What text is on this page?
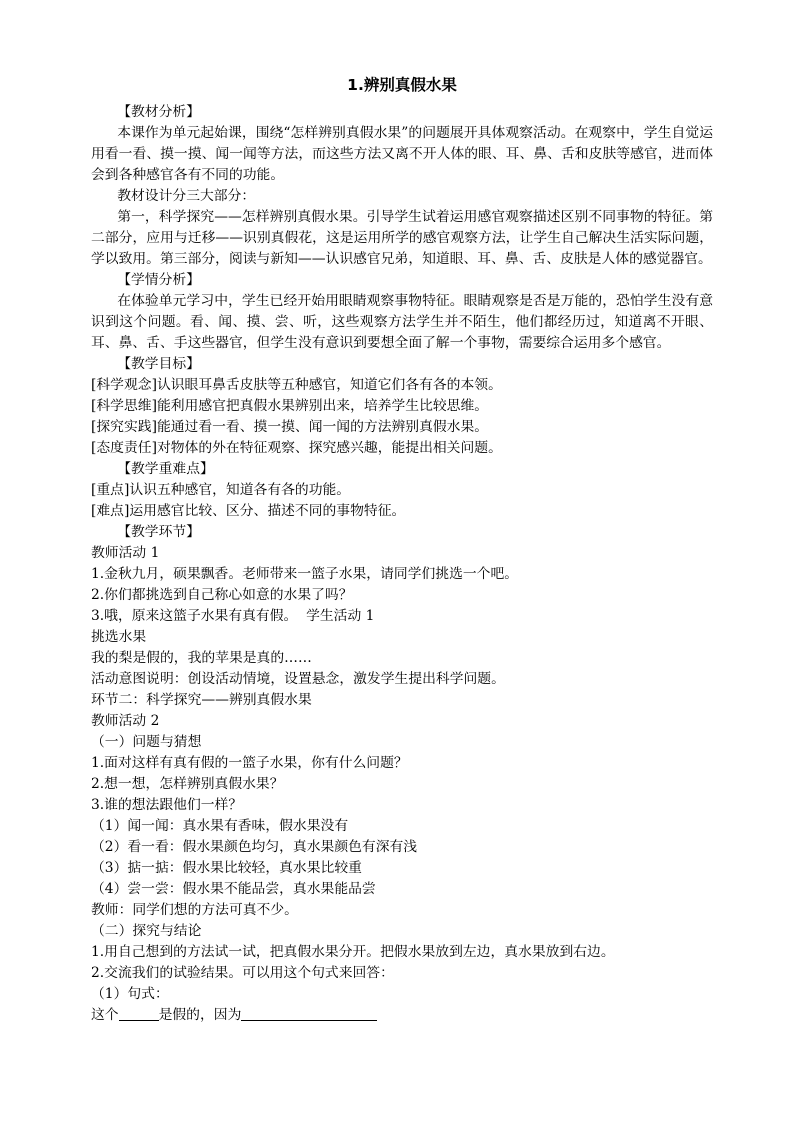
1.辨别真假水果

【教材分析】

本课作为单元起始课，围绕“怎样辨别真假水果”的问题展开具体观察活动。在观察中，学生自觉运用看一看、摸一摸、闻一闻等方法，而这些方法又离不开人体的眼、耳、鼻、舌和皮肤等感官，进而体会到各种感官各有不同的功能。

教材设计分三大部分：

第一，科学探究——怎样辨别真假水果。引导学生试着运用感官观察描述区别不同事物的特征。第二部分，应用与迁移——识别真假花，这是运用所学的感官观察方法，让学生自己解决生活实际问题，学以致用。第三部分，阅读与新知——认识感官兄弟，知道眼、耳、鼻、舌、皮肤是人体的感觉器官。

【学情分析】

在体验单元学习中，学生已经开始用眼睛观察事物特征。眼睛观察是否是万能的，恐怕学生没有意识到这个问题。看、闻、摸、尝、听，这些观察方法学生并不陌生，他们都经历过，知道离不开眼、耳、鼻、舌、手这些器官，但学生没有意识到要想全面了解一个事物，需要综合运用多个感官。

【教学目标】

[科学观念]认识眼耳鼻舌皮肤等五种感官，知道它们各有各的本领。

[科学思维]能利用感官把真假水果辨别出来，培养学生比较思维。

[探究实践]能通过看一看、摸一摸、闻一闻的方法辨别真假水果。

[态度责任]对物体的外在特征观察、探究感兴趣，能提出相关问题。

【教学重难点】

[重点]认识五种感官，知道各有各的功能。

[难点]运用感官比较、区分、描述不同的事物特征。

【教学环节】

教师活动 1

1.金秋九月，硕果飘香。老师带来一篮子水果，请同学们挑选一个吧。

2.你们都挑选到自己称心如意的水果了吗？

3.哦，原来这篮子水果有真有假。  学生活动 1

挑选水果

我的梨是假的，我的苹果是真的……

活动意图说明：创设活动情境，设置悬念，激发学生提出科学问题。

环节二：科学探究——辨别真假水果

教师活动 2

（一）问题与猜想

1.面对这样有真有假的一篮子水果，你有什么问题？

2.想一想，怎样辨别真假水果？

3.谁的想法跟他们一样？

（1）闻一闻：真水果有香味，假水果没有

（2）看一看：假水果颜色均匀，真水果颜色有深有浅

（3）掂一掂：假水果比较轻，真水果比较重

（4）尝一尝：假水果不能品尝，真水果能品尝

教师：同学们想的方法可真不少。

（二）探究与结论

1.用自己想到的方法试一试，把真假水果分开。把假水果放到左边，真水果放到右边。

2.交流我们的试验结果。可以用这个句式来回答：

（1）句式：

这个	是假的，因为
